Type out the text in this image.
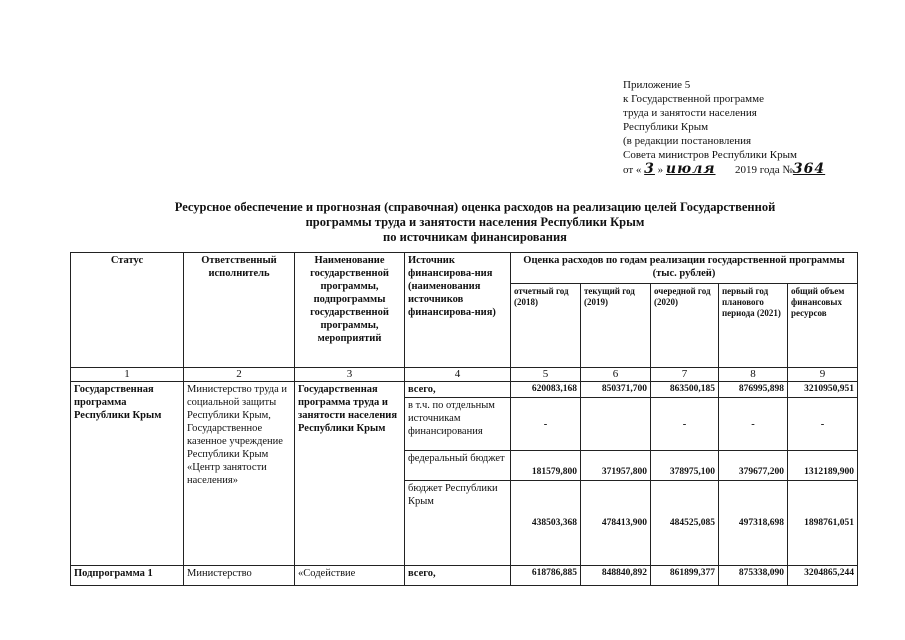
Приложение 5
к Государственной программе
труда и занятости населения
Республики Крым
(в редакции постановления
Совета министров Республики Крым
от « 3 » июля 2019 года №364
Ресурсное обеспечение и прогнозная (справочная) оценка расходов на реализацию целей Государственной
программы труда и занятости населения Республики Крым
по источникам финансирования
Статус	Ответственный исполнитель	Наименование государственной программы, подпрограммы государственной программы, мероприятий	Источник финансирова-ния (наименования источников финансирова-ния)	Оценка расходов по годам реализации государственной программы (тыс. рублей)				
				отчетный год (2018)	текущий год (2019)	очередной год (2020)	первый год планового периода (2021)	общий объем финансовых ресурсов
1	2	3	4	5	6	7	8	9
Государственная программа Республики Крым	Министерство труда и социальной защиты Республики Крым, Государственное казенное учреждение Республики Крым «Центр занятости населения»	Государственная программа труда и занятости населения Республики Крым	всего,	620083,168	850371,700	863500,185	876995,898	3210950,951
			в т.ч. по отдельным источникам финансирования	-		-	-	-
			федеральный бюджет	181579,800	371957,800	378975,100	379677,200	1312189,900
			бюджет Республики Крым	438503,368	478413,900	484525,085	497318,698	1898761,051
Подпрограмма 1	Министерство	«Содействие	всего,	618786,885	848840,892	861899,377	875338,090	3204865,244
